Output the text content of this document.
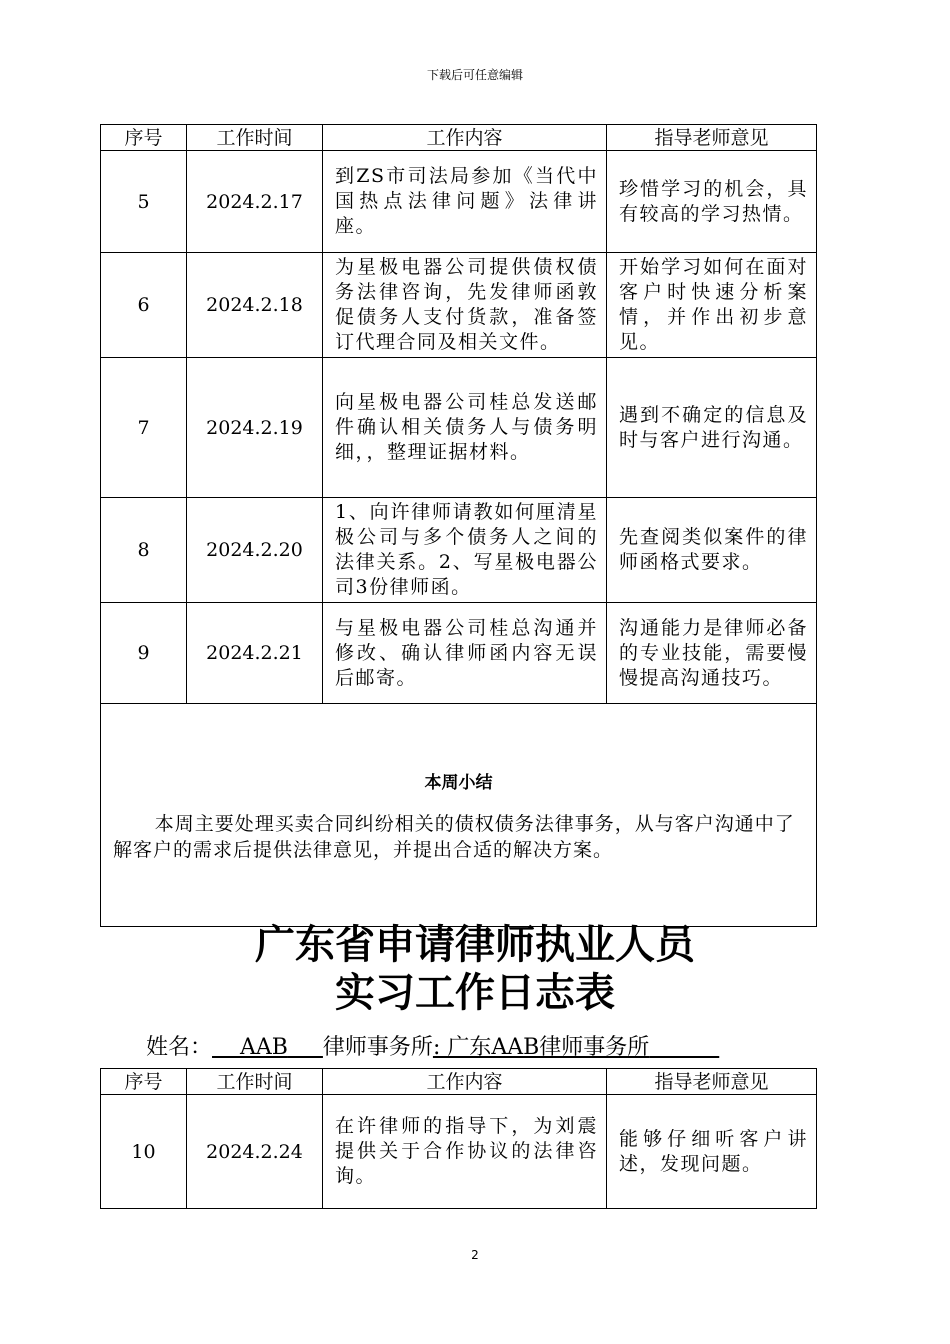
下载后可任意编辑
序号	工作时间	工作内容	指导老师意见
5	2024.2.17	到ZS市司法局参加《当代中国热点法律问题》法律讲座。	珍惜学习的机会，具有较高的学习热情。
6	2024.2.18	为星极电器公司提供债权债务法律咨询，先发律师函敦促债务人支付货款，准备签订代理合同及相关文件。	开始学习如何在面对客户时快速分析案情，并作出初步意见。
7	2024.2.19	向星极电器公司桂总发送邮件确认相关债务人与债务明细，，整理证据材料。	遇到不确定的信息及时与客户进行沟通。
8	2024.2.20	1、向许律师请教如何厘清星极公司与多个债务人之间的法律关系。2、写星极电器公司3份律师函。	先查阅类似案件的律师函格式要求。
9	2024.2.21	与星极电器公司桂总沟通并修改、确认律师函内容无误后邮寄。	沟通能力是律师必备的专业技能，需要慢慢提高沟通技巧。

本周小结
本周主要处理买卖合同纠纷相关的债权债务法律事务，从与客户沟通中了解客户的需求后提供法律意见，并提出合适的解决方案。			
广东省申请律师执业人员
实习工作日志表
姓名： AAB 律师事务所: 广东AAB律师事务所
序号	工作时间	工作内容	指导老师意见
10	2024.2.24	在许律师的指导下，为刘震提供关于合作协议的法律咨询。	能够仔细听客户讲述，发现问题。
2
